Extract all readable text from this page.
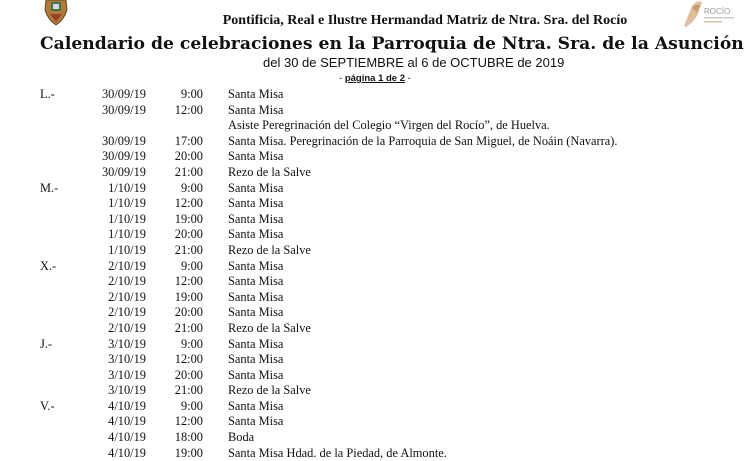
ROCÍO
Pontificia, Real e Ilustre Hermandad Matriz de Ntra. Sra. del Rocío
Calendario de celebraciones en la Parroquia de Ntra. Sra. de la Asunción
del 30 de SEPTIEMBRE al 6 de OCTUBRE de 2019
- página 1 de 2 -
L.-	30/09/19	9:00 Santa Misa
30/09/19	12:00 Santa Misa
Asiste Peregrinación del Colegio “Virgen del Rocío”, de Huelva.
30/09/19	17:00 Santa Misa. Peregrinación de la Parroquia de San Miguel, de Noáin (Navarra).
30/09/19	20:00 Santa Misa
30/09/19	21:00 Rezo de la Salve
M.-	1/10/19	9:00 Santa Misa
1/10/19	12:00 Santa Misa
1/10/19	19:00 Santa Misa
1/10/19	20:00 Santa Misa
1/10/19	21:00 Rezo de la Salve
X.-	2/10/19	9:00 Santa Misa
2/10/19	12:00 Santa Misa
2/10/19	19:00 Santa Misa
2/10/19	20:00 Santa Misa
2/10/19	21:00 Rezo de la Salve
J.-	3/10/19	9:00 Santa Misa
3/10/19	12:00 Santa Misa
3/10/19	20:00 Santa Misa
3/10/19	21:00 Rezo de la Salve
V.-	4/10/19	9:00 Santa Misa
4/10/19	12:00 Santa Misa
4/10/19	18:00 Boda
4/10/19	19:00 Santa Misa Hdad. de la Piedad, de Almonte.
